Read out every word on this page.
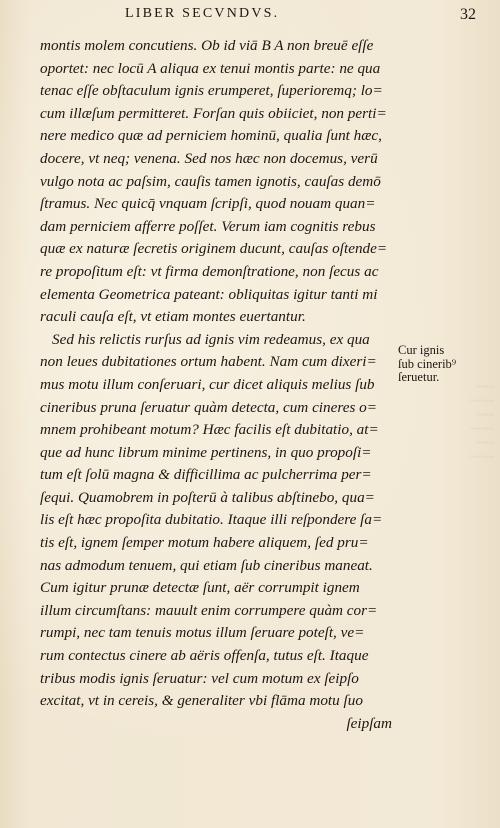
~~~
~~~~
~~~
~~~~
~~~
~~~~
LIBER SECVNDVS.	32
montis molem concutiens. Ob id viā B A non breuē eſſe
oportet: nec locū A aliqua ex tenui montis parte: ne qua
tenac eſſe obſtaculum ignis erumperet, ſuperioremq; lo=
cum illæſum permitteret. Forſan quis obiiciet, non perti=
nere medico quæ ad perniciem hominū, qualia ſunt hæc,
docere, vt neq; venena. Sed nos hæc non docemus, verū
vulgo nota ac paſsim, cauſis tamen ignotis, cauſas demō
ſtramus. Nec quicq̄ vnquam ſcripſi, quod nouam quan=
dam perniciem afferre poſſet. Verum iam cognitis rebus
quæ ex naturæ ſecretis originem ducunt, cauſas oſtende=
re propoſitum eſt: vt firma demonſtratione, non ſecus ac
elementa Geometrica pateant: obliquitas igitur tanti mi
raculi cauſa eſt, vt etiam montes euertantur.
Sed his relictis rurſus ad ignis vim redeamus, ex qua
non leues dubitationes ortum habent. Nam cum dixeri=
mus motu illum conſeruari, cur dicet aliquis melius ſub
cineribus pruna ſeruatur quàm detecta, cum cineres o=
mnem prohibeant motum? Hæc facilis eſt dubitatio, at=
que ad hunc librum minime pertinens, in quo propoſi=
tum eſt ſolū magna & difficillima ac pulcherrima per=
ſequi. Quamobrem in poſterū à talibus abſtinebo, qua=
lis eſt hæc propoſita dubitatio. Itaque illi reſpondere ſa=
tis eſt, ignem ſemper motum habere aliquem, ſed pru=
nas admodum tenuem, qui etiam ſub cineribus maneat.
Cum igitur prunæ detectæ ſunt, aër corrumpit ignem
illum circumſtans: mauult enim corrumpere quàm cor=
rumpi, nec tam tenuis motus illum ſeruare poteſt, ve=
rum contectus cinere ab aëris offenſa, tutus eſt. Itaque
tribus modis ignis ſeruatur: vel cum motum ex ſeipſo
excitat, vt in cereis, & generaliter vbi flāma motu ſuo
ſeipſam
Cur ignis
ſub cinerib⁹
ſeruetur.
